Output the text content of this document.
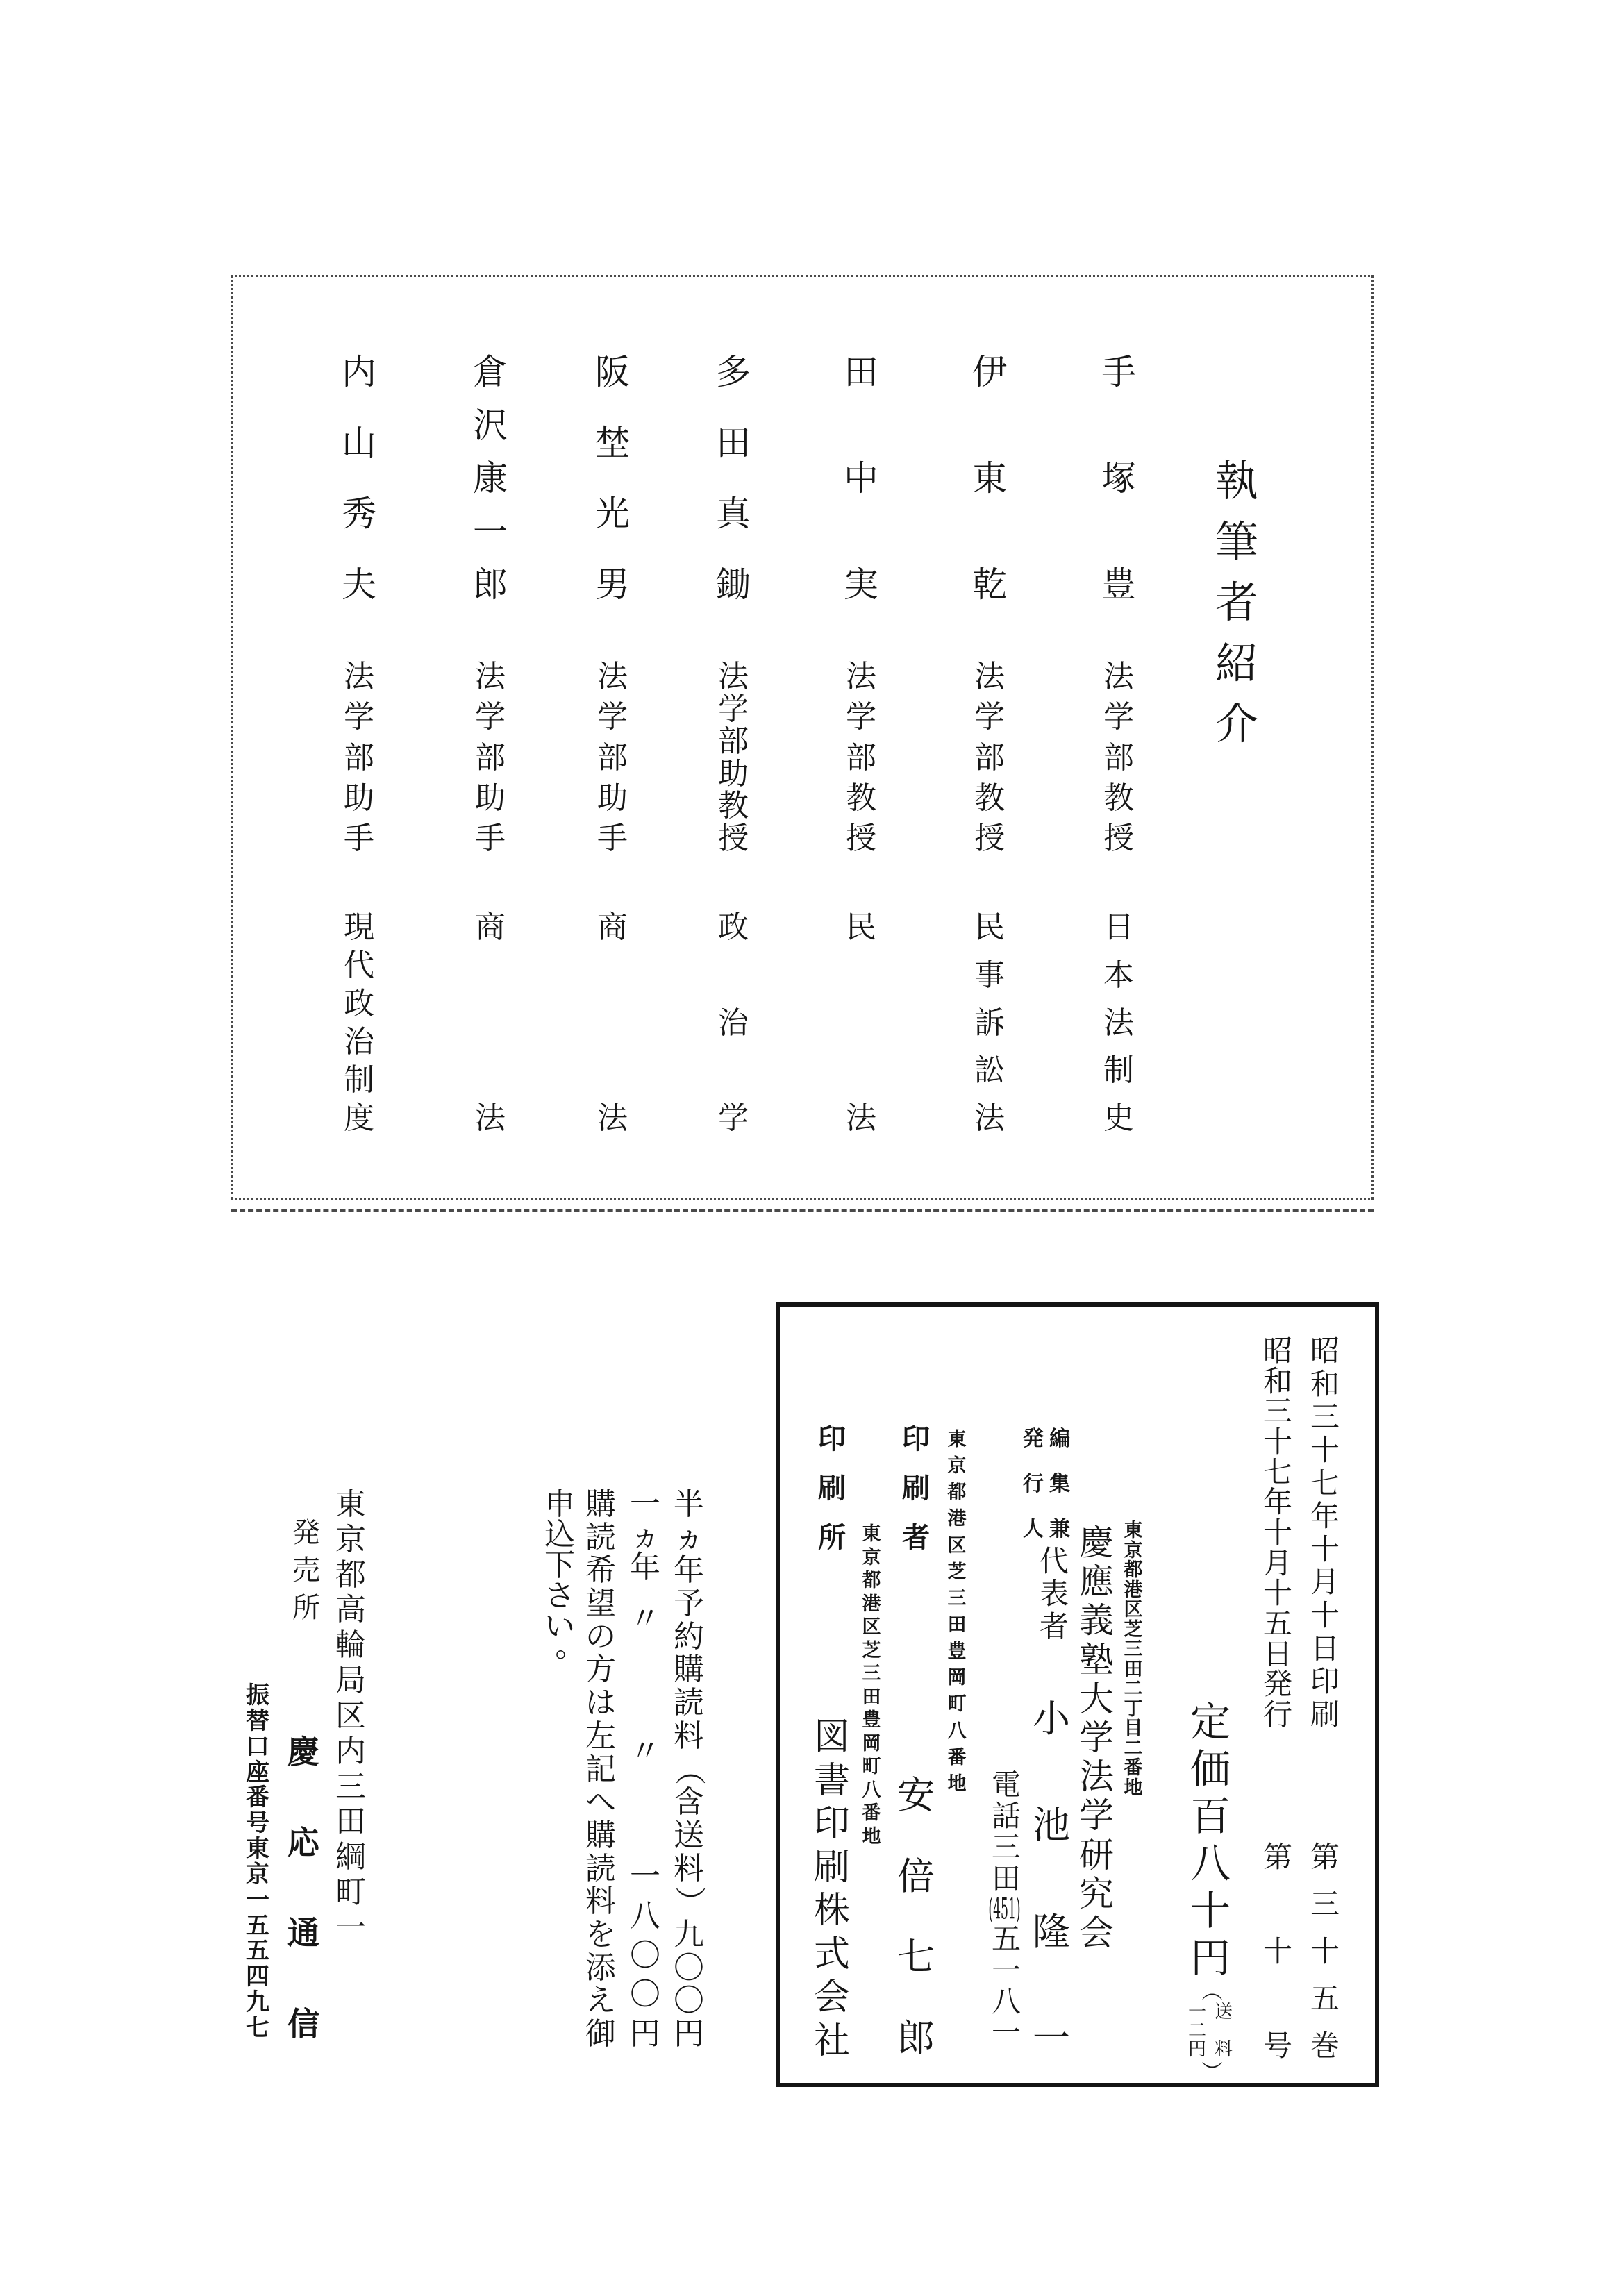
執
筆
者
紹
介
手
塚
豊
法
学
部
教
授
日
本
法
制
史
伊
東
乾
法
学
部
教
授
民
事
訴
訟
法
田
中
実
法
学
部
教
授
民
法
多
田
真
鋤
法
学
部
助
教
授
政
治
学
阪
埜
光
男
法
学
部
助
手
商
法
倉
沢
康
一
郎
法
学
部
助
手
商
法
内
山
秀
夫
法
学
部
助
手
現
代
政
治
制
度
昭
和
三
十
七
年
十
月
十
日
印
刷
第
三
十
五
巻
昭
和
三
十
七
年
十
月
十
五
日
発
行
第
十
号
定
価
百
八
十
円
（
送
料
一
二
円
）
東
京
都
港
区
芝
三
田
二
丁
目
二
番
地
慶
應
義
塾
大
学
法
学
研
究
会
編
集
兼
発
行
人
代
表
者
小
池
隆
一
電話三田(451)五一八一
東
京
都
港
区
芝
三
田
豊
岡
町
八
番
地
印
刷
者
安
倍
七
郎
東
京
都
港
区
芝
三
田
豊
岡
町
八
番
地
印
刷
所
図
書
印
刷
株
式
会
社
半
ヵ
年
予
約
購
読
料
（
含
送
料
）
九
〇
〇
円
一
ヵ
年
〃
〃
一
八
〇
〇
円
購
読
希
望
の
方
は
左
記
へ
購
読
料
を
添
え
御
申
込
下
さ
い
。
東
京
都
高
輪
局
区
内
三
田
綱
町
一
発
売
所
慶
応
通
信
振
替
口
座
番
号
東
京
一
五
五
四
九
七
